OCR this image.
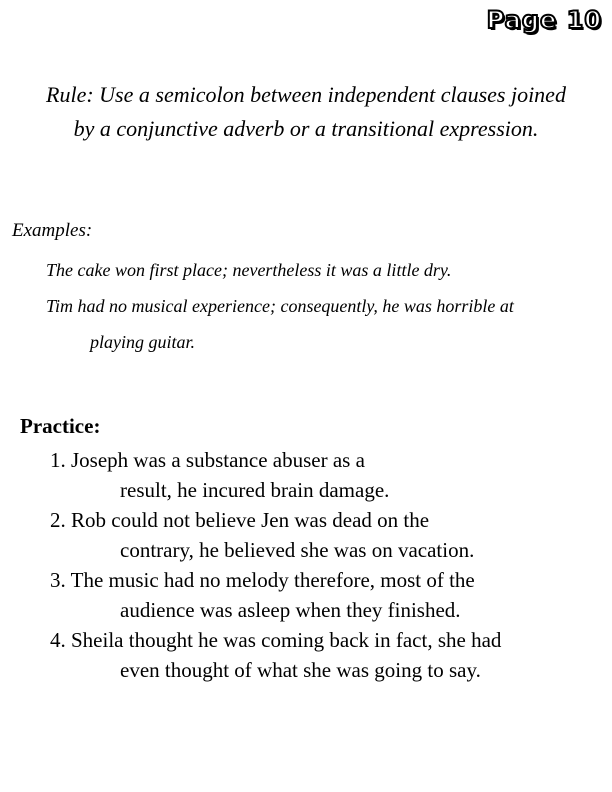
Page 10
Rule: Use a semicolon between independent clauses joined
by a conjunctive adverb or a transitional expression.
Examples:
The cake won first place; nevertheless it was a little dry.
Tim had no musical experience; consequently, he was horrible at
playing guitar.
Practice:
1. Joseph was a substance abuser as a
result, he incured brain damage.
2. Rob could not believe Jen was dead on the
contrary, he believed she was on vacation.
3. The music had no melody therefore, most of the
audience was asleep when they finished.
4. Sheila thought he was coming back in fact, she had
even thought of what she was going to say.
